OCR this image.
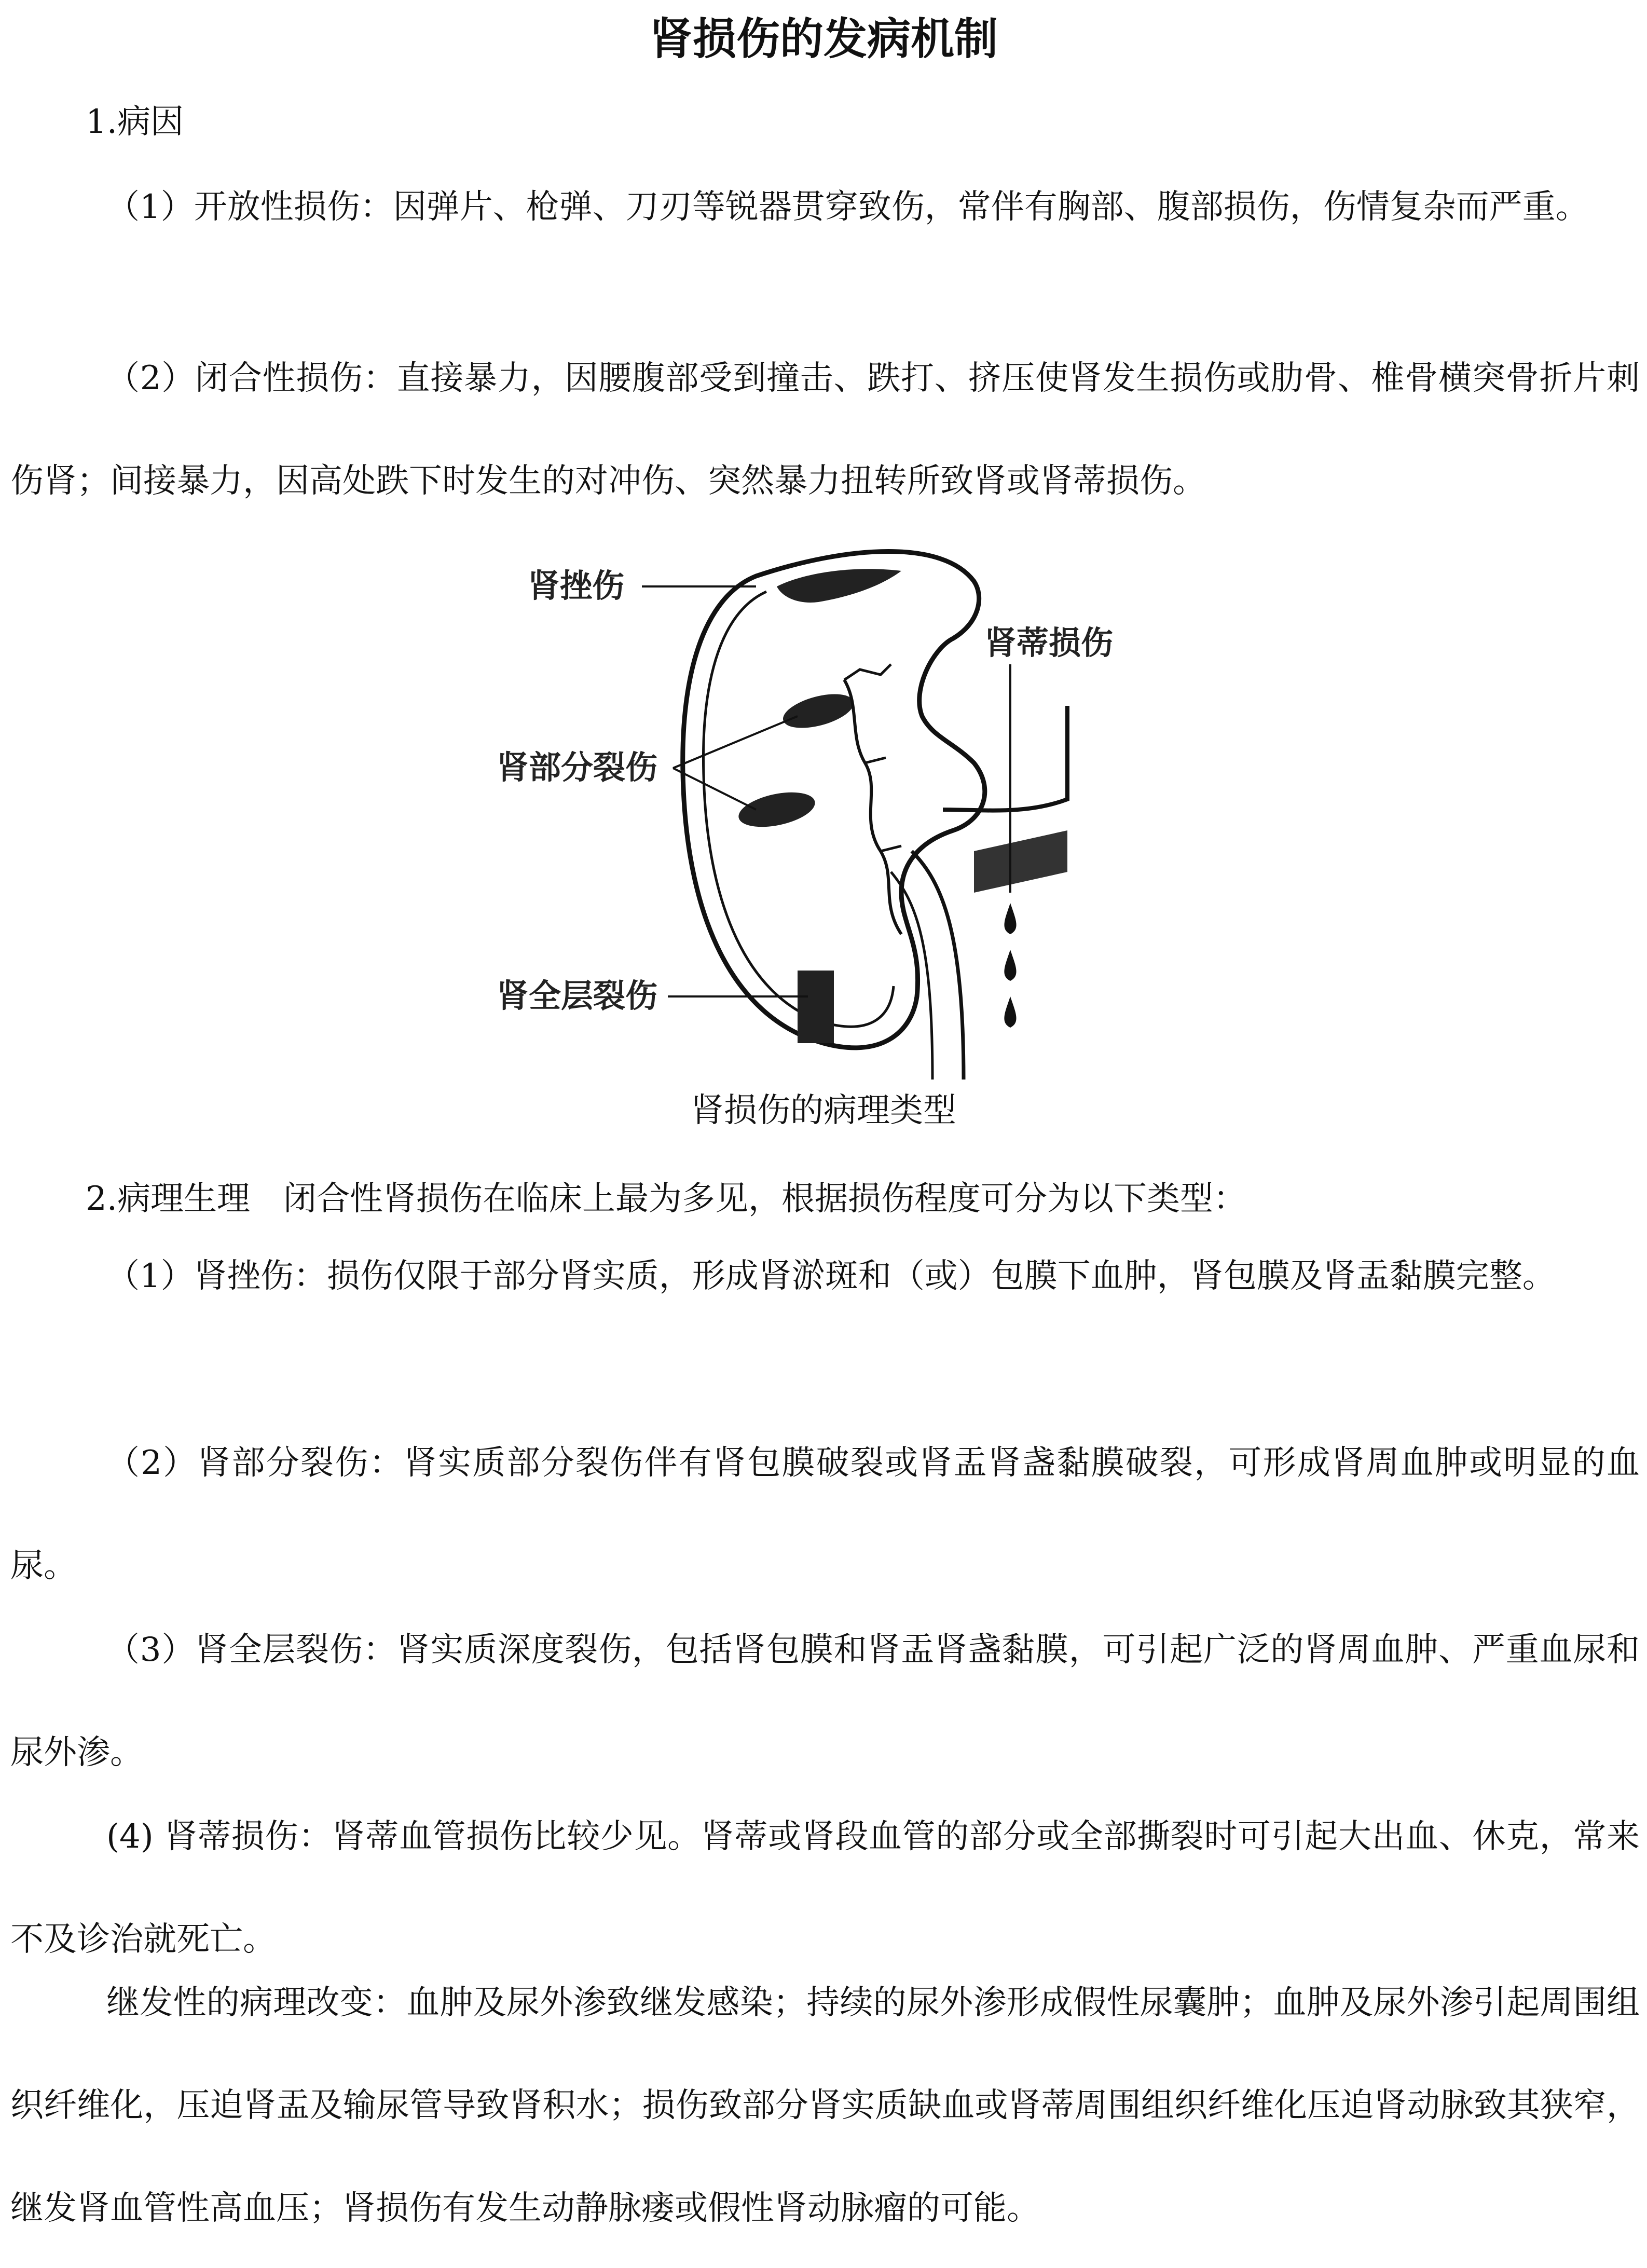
肾损伤的发病机制

1.病因

（1）开放性损伤：因弹片、枪弹、刀刃等锐器贯穿致伤，常伴有胸部、腹部损伤，伤情复杂而严重。

（2）闭合性损伤：直接暴力，因腰腹部受到撞击、跌打、挤压使肾发生损伤或肋骨、椎骨横突骨折片刺伤肾；间接暴力，因高处跌下时发生的对冲伤、突然暴力扭转所致肾或肾蒂损伤。

肾挫伤
肾蒂损伤
肾部分裂伤
肾全层裂伤

肾损伤的病理类型

2.病理生理　闭合性肾损伤在临床上最为多见，根据损伤程度可分为以下类型：

（1）肾挫伤：损伤仅限于部分肾实质，形成肾淤斑和（或）包膜下血肿，肾包膜及肾盂黏膜完整。

（2）肾部分裂伤：肾实质部分裂伤伴有肾包膜破裂或肾盂肾盏黏膜破裂，可形成肾周血肿或明显的血尿。

（3）肾全层裂伤：肾实质深度裂伤，包括肾包膜和肾盂肾盏黏膜，可引起广泛的肾周血肿、严重血尿和尿外渗。

(4) 肾蒂损伤：肾蒂血管损伤比较少见。肾蒂或肾段血管的部分或全部撕裂时可引起大出血、休克，常来不及诊治就死亡。

继发性的病理改变：血肿及尿外渗致继发感染；持续的尿外渗形成假性尿囊肿；血肿及尿外渗引起周围组织纤维化，压迫肾盂及输尿管导致肾积水；损伤致部分肾实质缺血或肾蒂周围组织纤维化压迫肾动脉致其狭窄，继发肾血管性高血压；肾损伤有发生动静脉瘘或假性肾动脉瘤的可能。
